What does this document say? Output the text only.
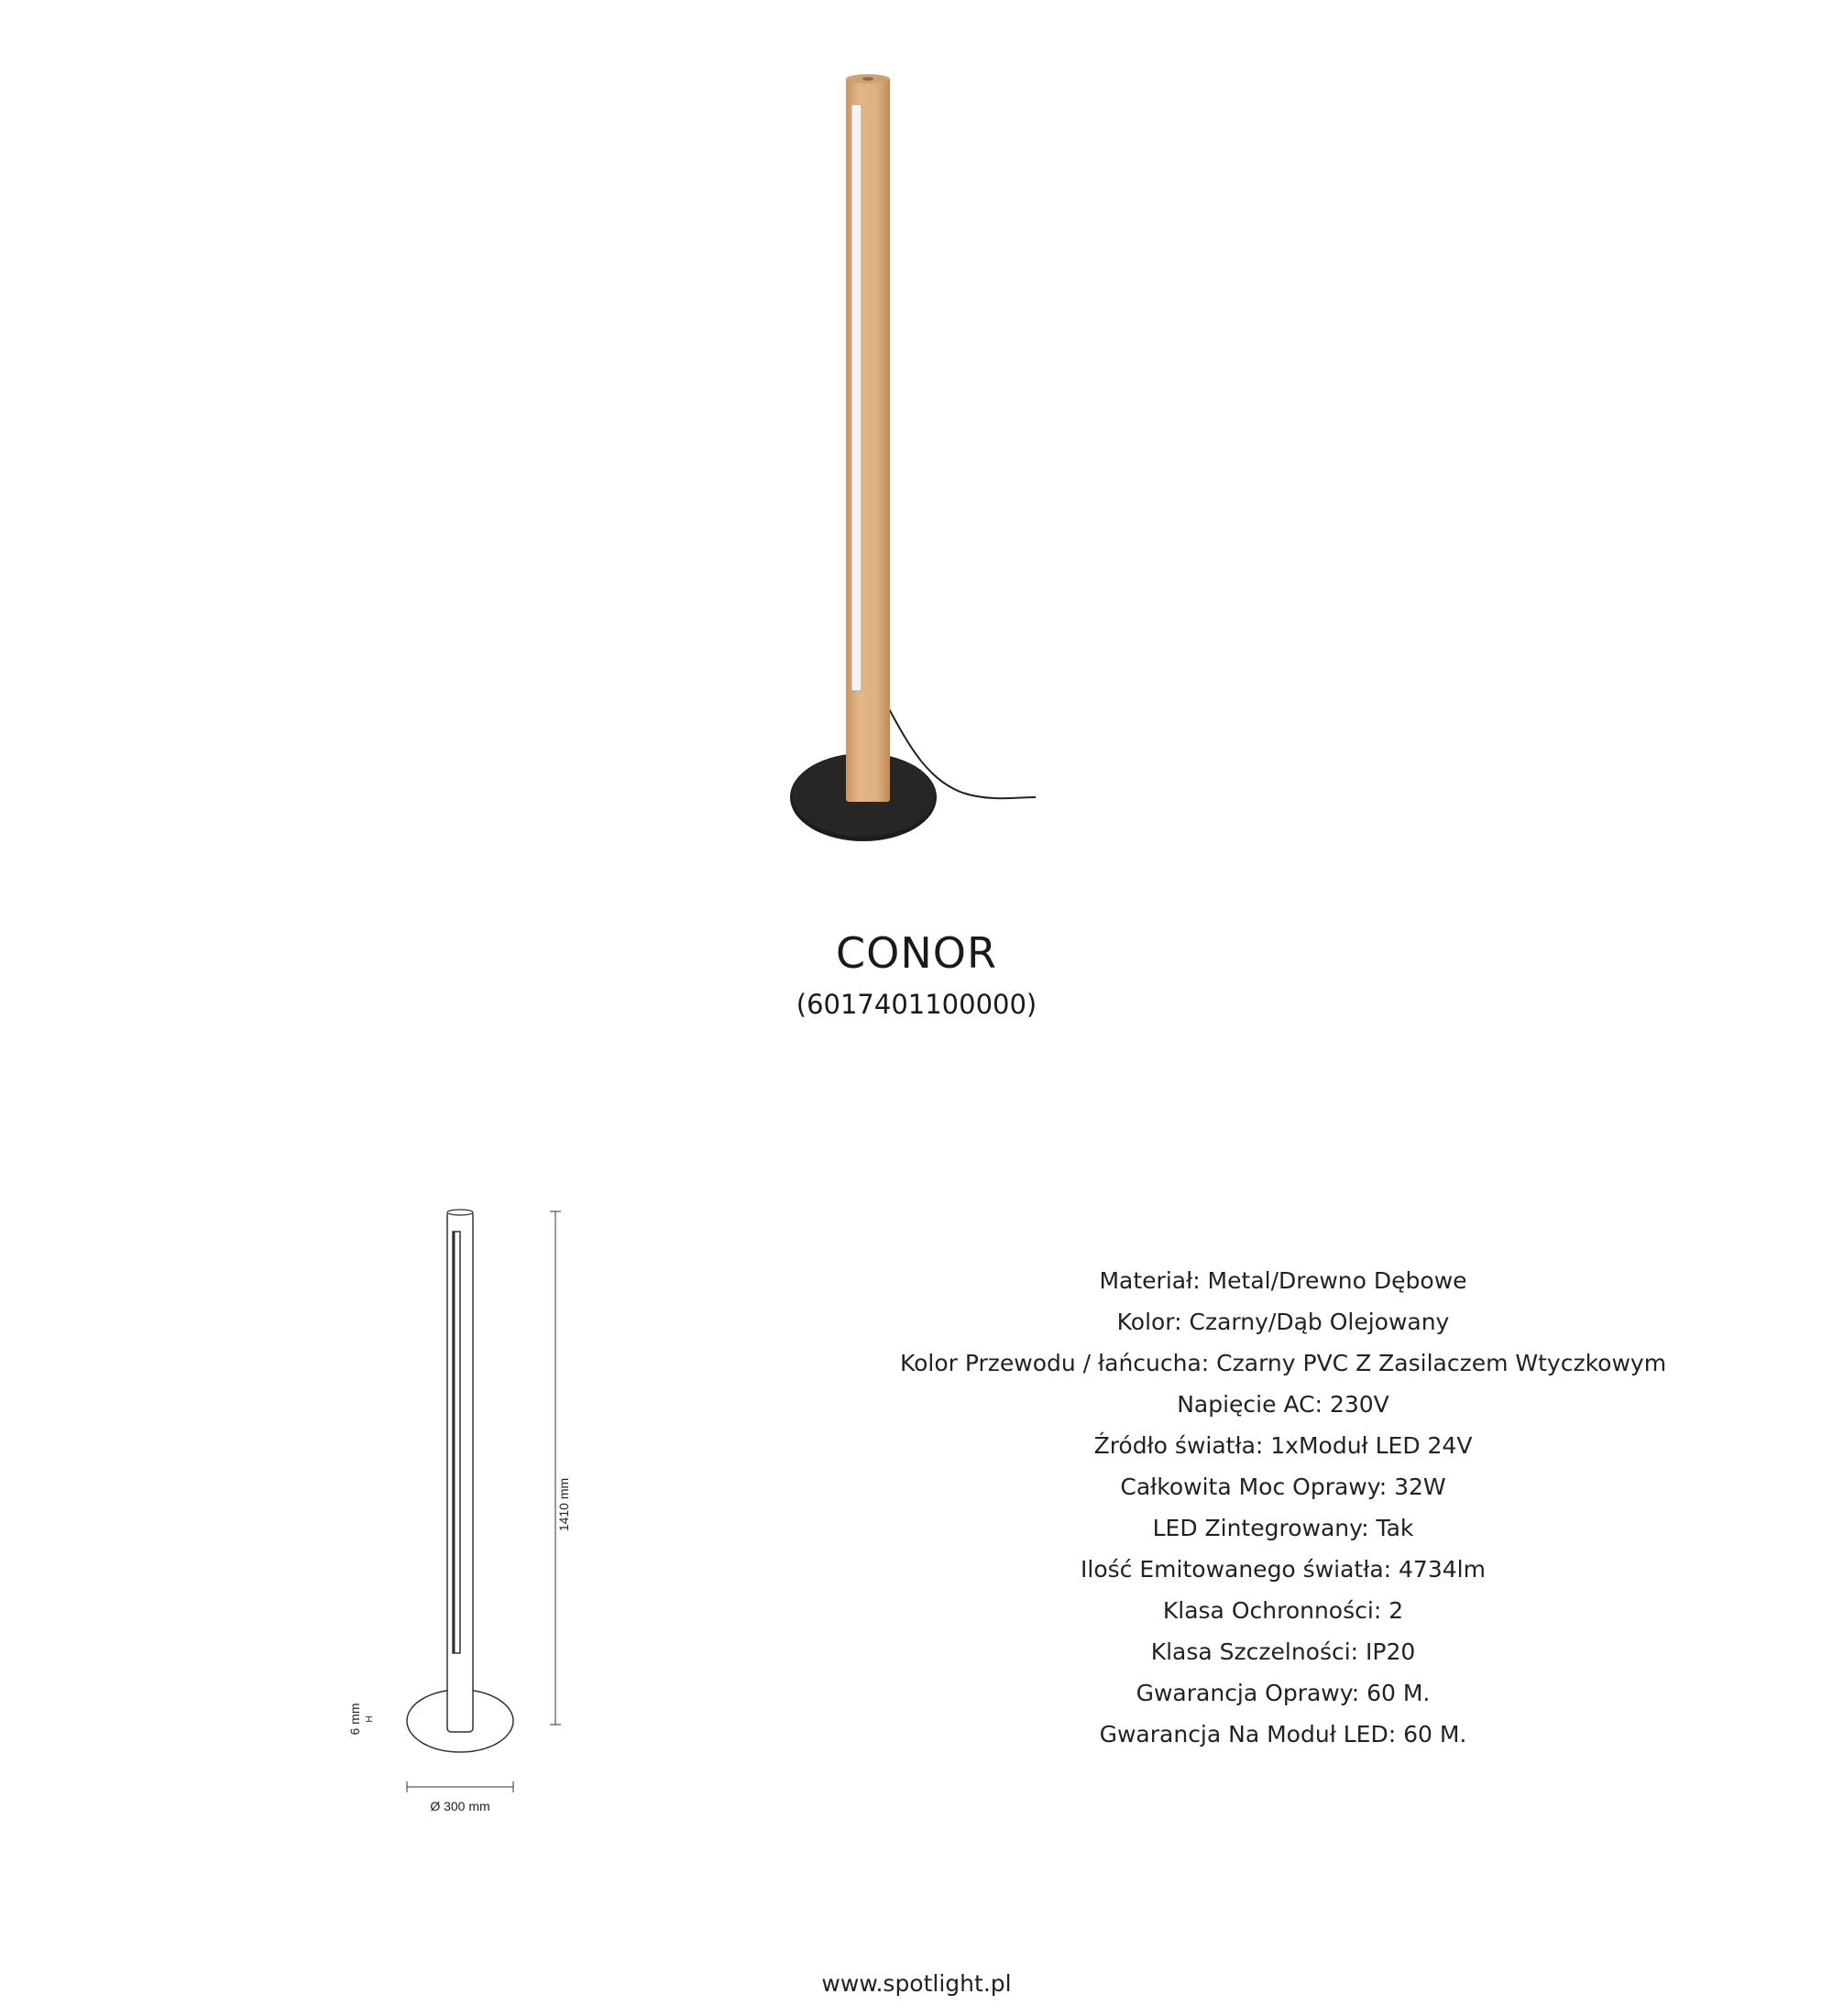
CONOR
(6017401100000)
1410 mm
Ø 300 mm
6 mm H
Materiał: Metal/Drewno Dębowe
Kolor: Czarny/Dąb Olejowany
Kolor Przewodu / łańcucha: Czarny PVC Z Zasilaczem Wtyczkowym
Napięcie AC: 230V
Źródło światła: 1xModuł LED 24V
Całkowita Moc Oprawy: 32W
LED Zintegrowany: Tak
Ilość Emitowanego światła: 4734lm
Klasa Ochronności: 2
Klasa Szczelności: IP20
Gwarancja Oprawy: 60 M.
Gwarancja Na Moduł LED: 60 M.
www.spotlight.pl
